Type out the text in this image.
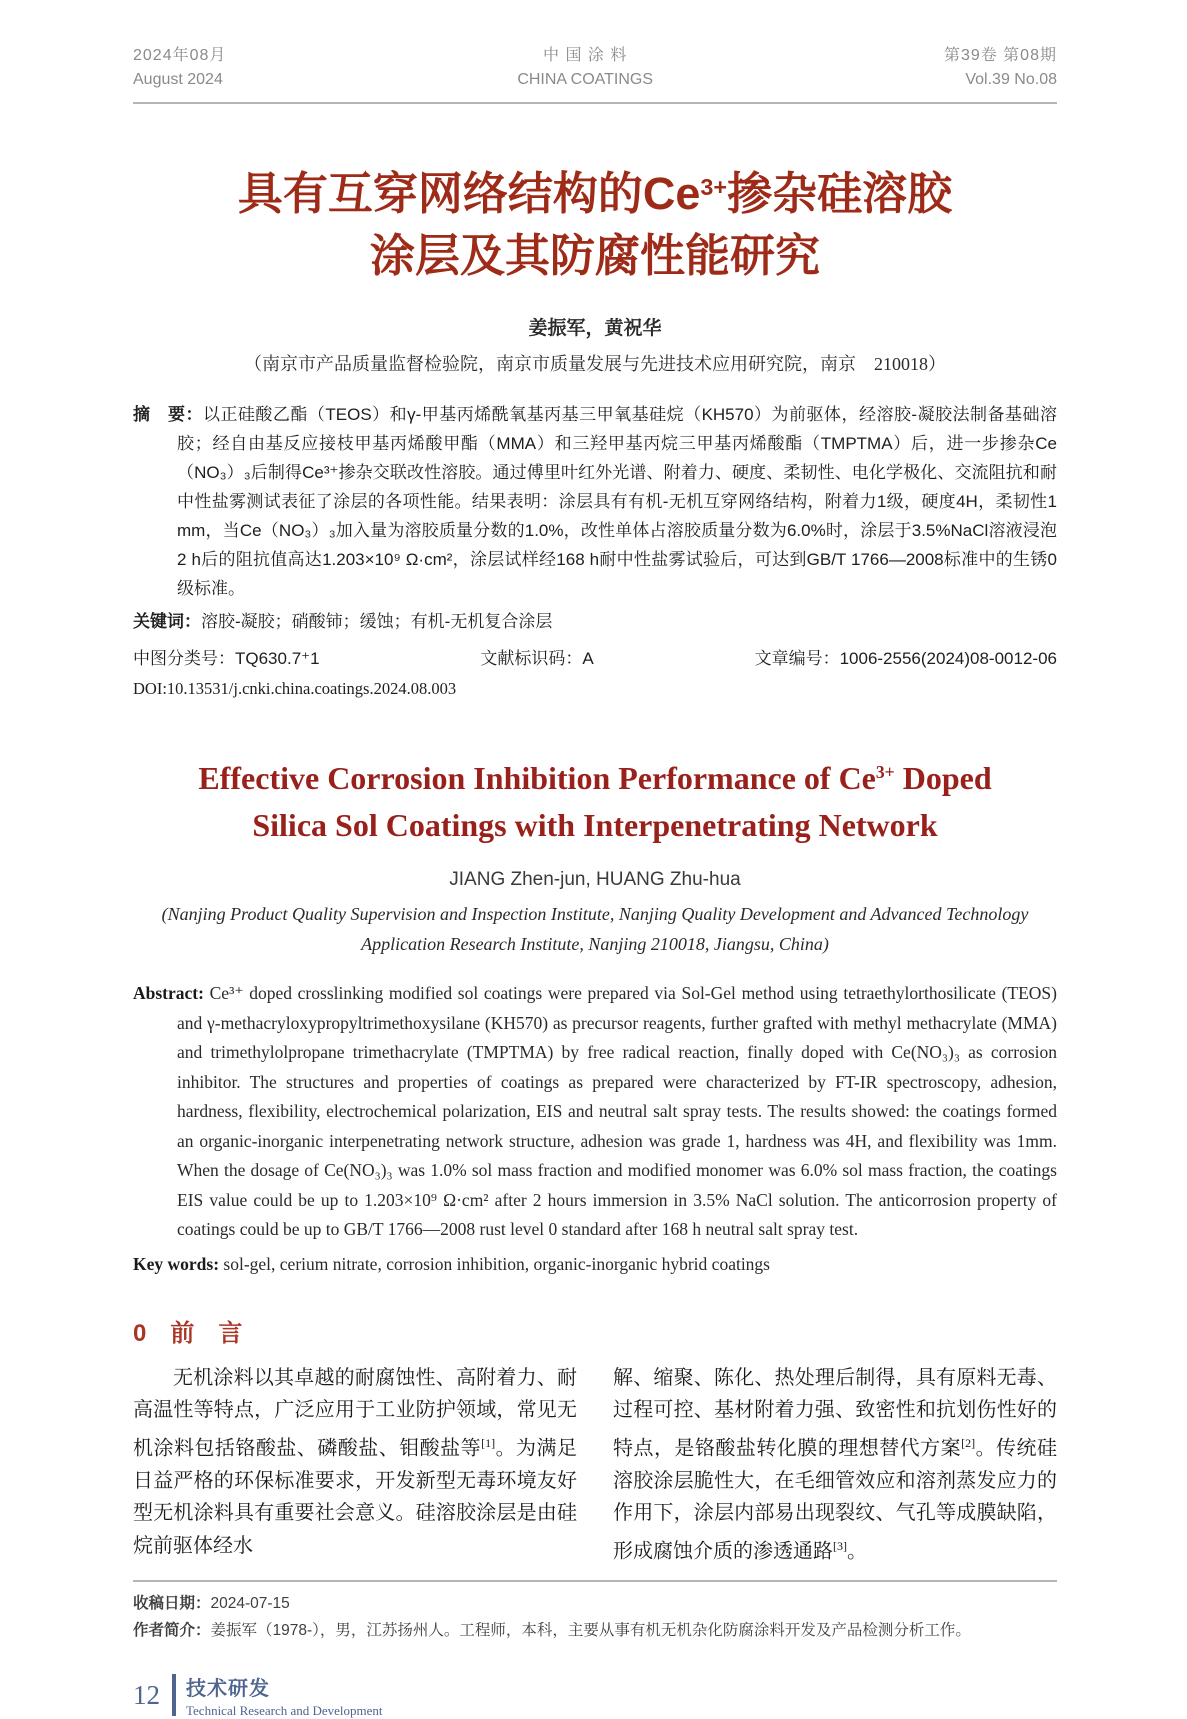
2024年08月
August 2024
中 国 涂 料
CHINA COATINGS
第39卷 第08期
Vol.39 No.08
具有互穿网络结构的$Ce^{3+}$掺杂硅溶胶
涂层及其防腐性能研究
姜振军，黄祝华
（南京市产品质量监督检验院，南京市质量发展与先进技术应用研究院，南京　210018）

摘　要：以正硅酸乙酯（TEOS）和γ-甲基丙烯酰氧基丙基三甲氧基硅烷（KH570）为前驱体，经溶胶-凝胶法制备基础溶胶；经自由基反应接枝甲基丙烯酸甲酯（MMA）和三羟甲基丙烷三甲基丙烯酸酯（TMPTMA）后，进一步掺杂Ce（NO₃）₃后制得Ce³⁺掺杂交联改性溶胶。通过傅里叶红外光谱、附着力、硬度、柔韧性、电化学极化、交流阻抗和耐中性盐雾测试表征了涂层的各项性能。结果表明：涂层具有有机-无机互穿网络结构，附着力1级，硬度4H，柔韧性1 mm，当Ce（NO₃）₃加入量为溶胶质量分数的1.0%，改性单体占溶胶质量分数为6.0%时，涂层于3.5%NaCl溶液浸泡2 h后的阻抗值高达1.203×10⁹ Ω·cm²，涂层试样经168 h耐中性盐雾试验后，可达到GB/T 1766—2008标准中的生锈0级标准。

关键词：溶胶-凝胶；硝酸铈；缓蚀；有机-无机复合涂层

中图分类号：TQ630.7⁺1	文献标识码：A	文章编号：1006-2556(2024)08-0012-06
DOI:10.13531/j.cnki.china.coatings.2024.08.003
Effective Corrosion Inhibition Performance of $Ce^{3+}$ Doped
Silica Sol Coatings with Interpenetrating Network
JIANG Zhen-jun, HUANG Zhu-hua
(Nanjing Product Quality Supervision and Inspection Institute, Nanjing Quality Development and Advanced Technology Application Research Institute, Nanjing 210018, Jiangsu, China)

Abstract: Ce³⁺ doped crosslinking modified sol coatings were prepared via Sol-Gel method using tetraethylorthosilicate (TEOS) and γ-methacryloxypropyltrimethoxysilane (KH570) as precursor reagents, further grafted with methyl methacrylate (MMA) and trimethylolpropane trimethacrylate (TMPTMA) by free radical reaction, finally doped with Ce(NO₃)₃ as corrosion inhibitor. The structures and properties of coatings as prepared were characterized by FT-IR spectroscopy, adhesion, hardness, flexibility, electrochemical polarization, EIS and neutral salt spray tests. The results showed: the coatings formed an organic-inorganic interpenetrating network structure, adhesion was grade 1, hardness was 4H, and flexibility was 1mm. When the dosage of Ce(NO₃)₃ was 1.0% sol mass fraction and modified monomer was 6.0% sol mass fraction, the coatings EIS value could be up to 1.203×10⁹ Ω·cm² after 2 hours immersion in 3.5% NaCl solution. The anticorrosion property of coatings could be up to GB/T 1766—2008 rust level 0 standard after 168 h neutral salt spray test.

Key words: sol-gel, cerium nitrate, corrosion inhibition, organic-inorganic hybrid coatings

0　前　言

无机涂料以其卓越的耐腐蚀性、高附着力、耐高温性等特点，广泛应用于工业防护领域，常见无机涂料包括铬酸盐、磷酸盐、钼酸盐等[1]。为满足日益严格的环保标准要求，开发新型无毒环境友好型无机涂料具有重要社会意义。硅溶胶涂层是由硅烷前驱体经水

解、缩聚、陈化、热处理后制得，具有原料无毒、过程可控、基材附着力强、致密性和抗划伤性好的特点，是铬酸盐转化膜的理想替代方案[2]。传统硅溶胶涂层脆性大，在毛细管效应和溶剂蒸发应力的作用下，涂层内部易出现裂纹、气孔等成膜缺陷，形成腐蚀介质的渗透通路[3]。

收稿日期：2024-07-15
作者简介：姜振军（1978-），男，江苏扬州人。工程师，本科，主要从事有机无机杂化防腐涂料开发及产品检测分析工作。
12 技术研发
Technical Research and Development
